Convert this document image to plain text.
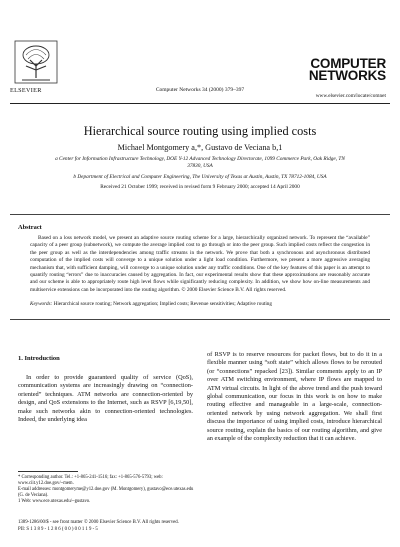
ELSEVIER	Computer Networks 34 (2000) 379–397
COMPUTER
NETWORKS
www.elsevier.com/locate/comnet
Hierarchical source routing using implied costs
Michael Montgomery a,*, Gustavo de Veciana b,1
a Center for Information Infrastructure Technology, DOE Y-12 Advanced Technology Directorate, 1099 Commerce Park, Oak Ridge, TN 37830, USA
b Department of Electrical and Computer Engineering, The University of Texas at Austin, Austin, TX 78712-1084, USA
Received 21 October 1999; received in revised form 9 February 2000; accepted 14 April 2000
Abstract
Based on a loss network model, we present an adaptive source routing scheme for a large, hierarchically organized network. To represent the “available” capacity of a peer group (subnetwork), we compute the average implied cost to go through or into the peer group. Such implied costs reflect the congestion in the peer group as well as the interdependencies among traffic streams in the network. We prove that both a synchronous and asynchronous distributed computation of the implied costs will converge to a unique solution under a light load condition. Furthermore, we present a more aggressive averaging mechanism that, with sufficient damping, will converge to a unique solution under any traffic conditions. One of the key features of this paper is an attempt to quantify routing “errors” due to inaccuracies caused by aggregation. In fact, our experimental results show that these approximations are reasonably accurate and our scheme is able to appropriately route high level flows while significantly reducing complexity. In addition, we show how on-line measurements and multiservice extensions can be incorporated into the routing algorithm. © 2000 Elsevier Science B.V. All rights reserved.
Keywords: Hierarchical source routing; Network aggregation; Implied costs; Revenue sensitivities; Adaptive routing
1. Introduction
In order to provide guaranteed quality of service (QoS), communication systems are increasingly drawing on “connection-oriented” techniques. ATM networks are connection-oriented by design, and QoS extensions to the Internet, such as RSVP [6,19,50], make such networks akin to connection-oriented technologies. Indeed, the underlying idea
of RSVP is to reserve resources for packet flows, but to do it in a flexible manner using “soft state” which allows flows to be rerouted (or “connections” repacked [23]). Similar comments apply to an IP over ATM switching environment, where IP flows are mapped to ATM virtual circuits. In light of the above trend and the push toward global communication, our focus in this work is on how to make routing effective and manageable in a large-scale, connection-oriented network by using network aggregation. We shall first discuss the importance of using implied costs, introduce hierarchical source routing, explain the basics of our routing algorithm, and give an example of the complexity reduction that it can achieve.
* Corresponding author. Tel.: +1-865-241-1516; fax: +1-865-576-5793; web: www.ciit.y12.doe.gov/~mem.
E-mail addresses: montgomeryme@y12.doe.gov (M. Montgomery), gustavo@ece.utexas.edu (G. de Veciana).
1 Web: www.ece.utexas.edu/~gustavo.
1389-1286/00/$ - see front matter © 2000 Elsevier Science B.V. All rights reserved.
PII: S 1 3 8 9 - 1 2 8 6 ( 0 0 ) 0 0 1 1 9 - 5
